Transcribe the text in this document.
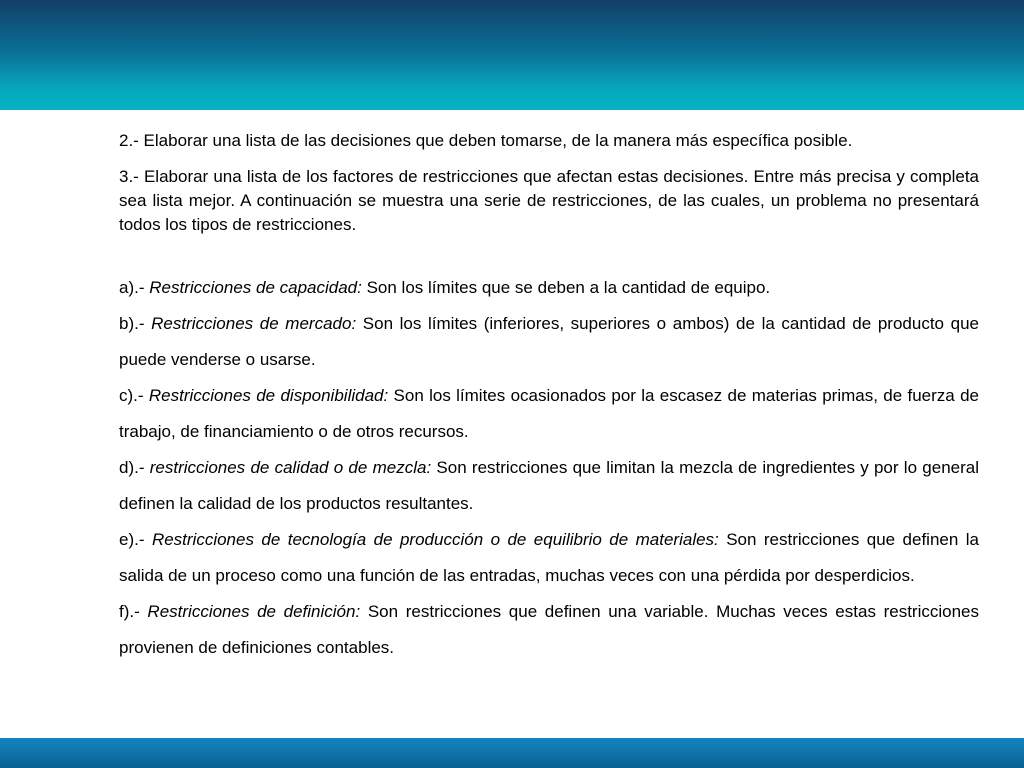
2.- Elaborar una lista de las decisiones que deben tomarse, de la manera más específica posible.

3.- Elaborar una lista de los factores de restricciones que afectan estas decisiones. Entre más precisa y completa sea lista mejor. A continuación se muestra una serie de restricciones, de las cuales, un problema no presentará todos los tipos de restricciones.

a).- Restricciones de capacidad: Son los límites que se deben a la cantidad de equipo.

b).- Restricciones de mercado: Son los límites (inferiores, superiores o ambos) de la cantidad de producto que puede venderse o usarse.

c).- Restricciones de disponibilidad: Son los límites ocasionados por la escasez de materias primas, de fuerza de trabajo, de financiamiento o de otros recursos.

d).- restricciones de calidad o de mezcla: Son restricciones que limitan la mezcla de ingredientes y por lo general definen la calidad de los productos resultantes.

e).- Restricciones de tecnología de producción o de equilibrio de materiales: Son restricciones que definen la salida de un proceso como una función de las entradas, muchas veces con una pérdida por desperdicios.

f).- Restricciones de definición: Son restricciones que definen una variable. Muchas veces estas restricciones provienen de definiciones contables.
